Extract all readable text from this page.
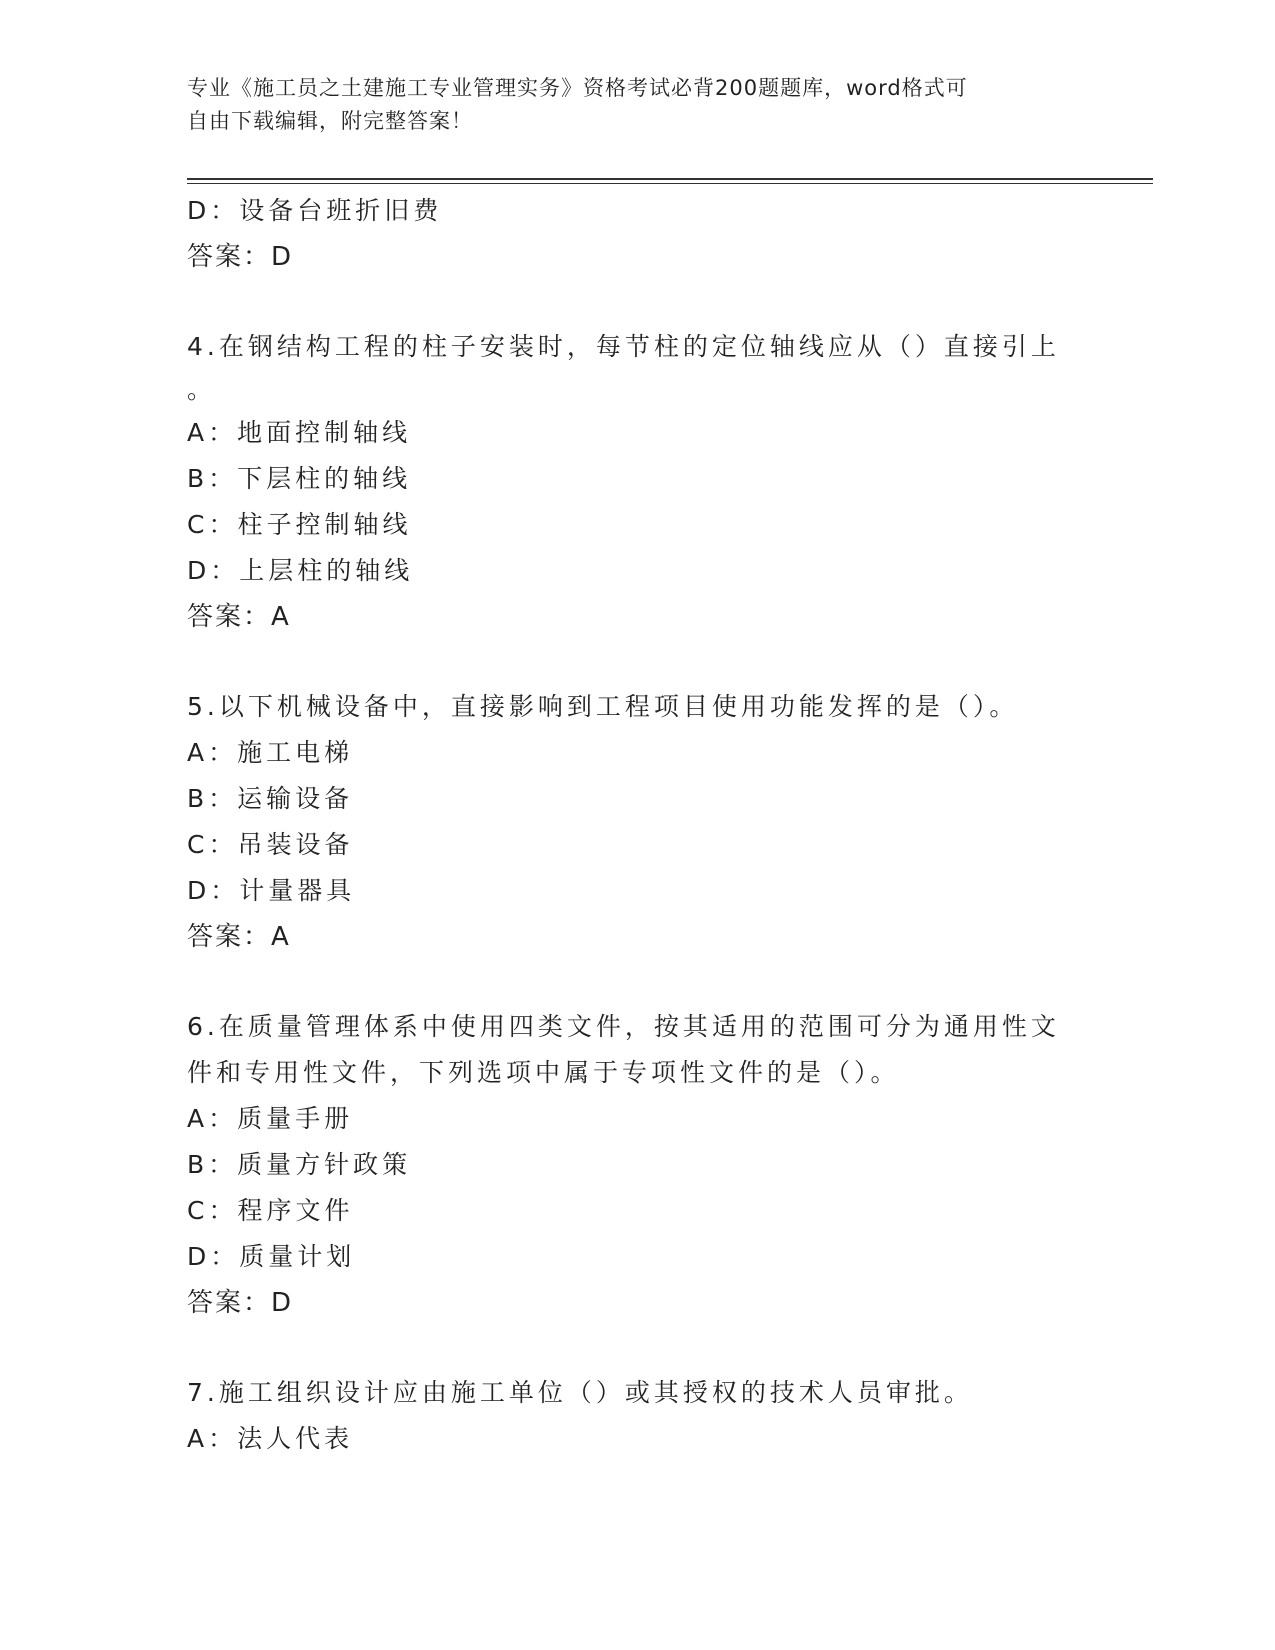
专业《施工员之土建施工专业管理实务》资格考试必背200题题库，word格式可
自由下载编辑，附完整答案！
D：设备台班折旧费
答案：D
4.在钢结构工程的柱子安装时，每节柱的定位轴线应从（）直接引上
。
A：地面控制轴线
B：下层柱的轴线
C：柱子控制轴线
D：上层柱的轴线
答案：A
5.以下机械设备中，直接影响到工程项目使用功能发挥的是（）。
A：施工电梯
B：运输设备
C：吊装设备
D：计量器具
答案：A
6.在质量管理体系中使用四类文件，按其适用的范围可分为通用性文
件和专用性文件，下列选项中属于专项性文件的是（）。
A：质量手册
B：质量方针政策
C：程序文件
D：质量计划
答案：D
7.施工组织设计应由施工单位（）或其授权的技术人员审批。
A：法人代表
